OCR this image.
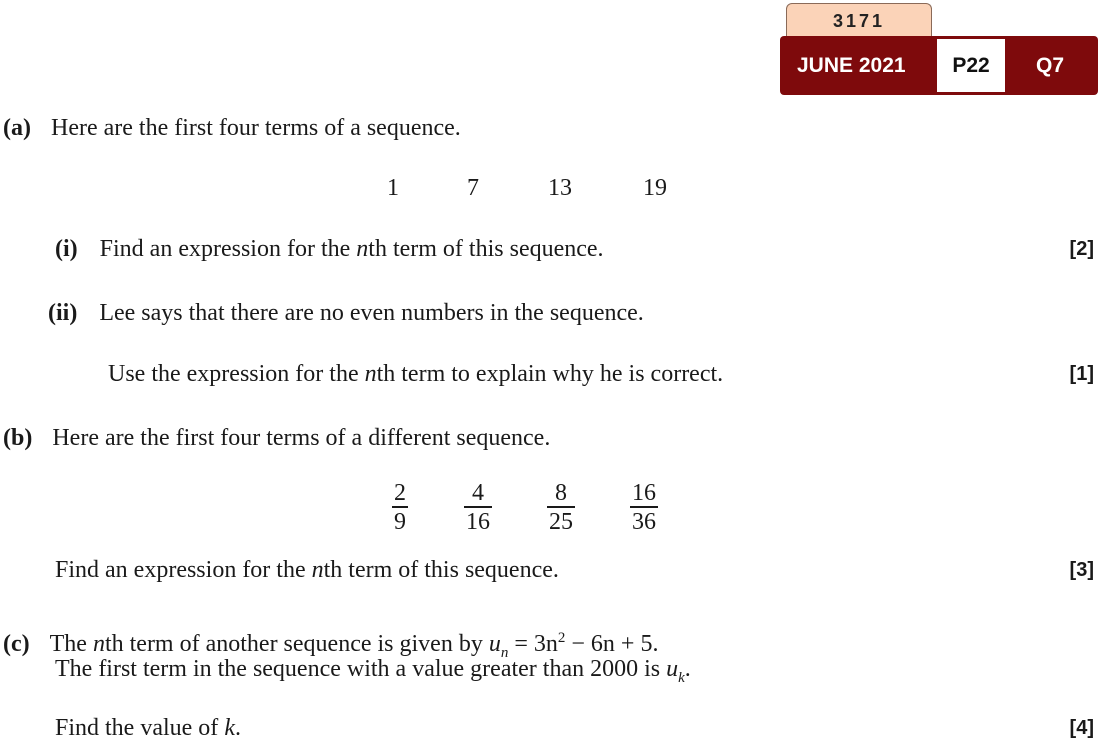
3171
JUNE 2021	P22	Q7
(a) Here are the first four terms of a sequence.
1	7	13	19
(i) Find an expression for the nth term of this sequence.	[2]
(ii) Lee says that there are no even numbers in the sequence.
Use the expression for the nth term to explain why he is correct.	[1]
(b) Here are the first four terms of a different sequence.
2
9
4
16
8
25
16
36
Find an expression for the nth term of this sequence.	[3]
(c) The nth term of another sequence is given by $u_n = 3n^2 - 6n + 5$.
The first term in the sequence with a value greater than 2000 is $u_k$.
Find the value of k.	[4]
